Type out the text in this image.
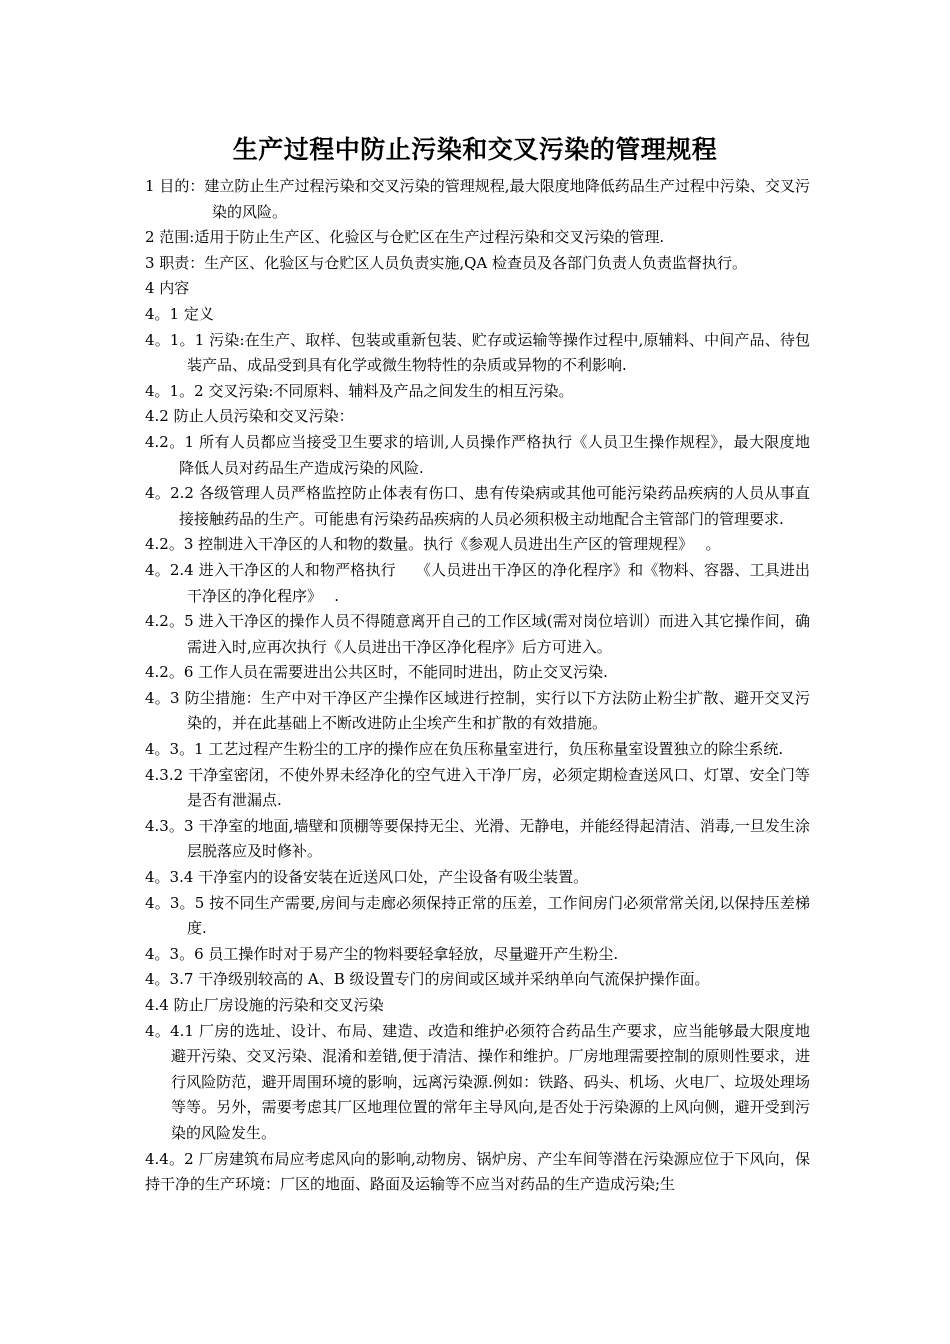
生产过程中防止污染和交叉污染的管理规程

1 目的：建立防止生产过程污染和交叉污染的管理规程,最大限度地降低药品生产过程中污染、交叉污染的风险。

2 范围:适用于防止生产区、化验区与仓贮区在生产过程污染和交叉污染的管理.

3 职责：生产区、化验区与仓贮区人员负责实施,QA 检查员及各部门负责人负责监督执行。

4 内容

4。1 定义

4。1。1 污染:在生产、取样、包装或重新包装、贮存或运输等操作过程中,原辅料、中间产品、待包装产品、成品受到具有化学或微生物特性的杂质或异物的不利影响.

4。1。2 交叉污染:不同原料、辅料及产品之间发生的相互污染。

4.2 防止人员污染和交叉污染：

4.2。1 所有人员都应当接受卫生要求的培训,人员操作严格执行《人员卫生操作规程》，最大限度地降低人员对药品生产造成污染的风险.

4。2.2 各级管理人员严格监控防止体表有伤口、患有传染病或其他可能污染药品疾病的人员从事直接接触药品的生产。可能患有污染药品疾病的人员必须积极主动地配合主管部门的管理要求.

4.2。3 控制进入干净区的人和物的数量。执行《参观人员进出生产区的管理规程》　 。

4。2.4 进入干净区的人和物严格执行　 《人员进出干净区的净化程序》和《物料、容器、工具进出干净区的净化程序》　 .

4.2。5 进入干净区的操作人员不得随意离开自己的工作区域(需对岗位培训）而进入其它操作间，确需进入时,应再次执行《人员进出干净区净化程序》后方可进入。

4.2。6 工作人员在需要进出公共区时，不能同时进出，防止交叉污染.

4。3 防尘措施：生产中对干净区产尘操作区域进行控制，实行以下方法防止粉尘扩散、避开交叉污染的，并在此基础上不断改进防止尘埃产生和扩散的有效措施。

4。3。1 工艺过程产生粉尘的工序的操作应在负压称量室进行，负压称量室设置独立的除尘系统.

4.3.2 干净室密闭，不使外界未经净化的空气进入干净厂房，必须定期检查送风口、灯罩、安全门等是否有泄漏点.

4.3。3 干净室的地面,墙壁和顶棚等要保持无尘、光滑、无静电，并能经得起清洁、消毒,一旦发生涂层脱落应及时修补。

4。3.4 干净室内的设备安装在近送风口处，产尘设备有吸尘装置。

4。3。5 按不同生产需要,房间与走廊必须保持正常的压差，工作间房门必须常常关闭,以保持压差梯度.

4。3。6 员工操作时对于易产尘的物料要轻拿轻放，尽量避开产生粉尘.

4。3.7 干净级别较高的 A、B 级设置专门的房间或区域并采纳单向气流保护操作面。

4.4 防止厂房设施的污染和交叉污染

4。4.1 厂房的选址、设计、布局、建造、改造和维护必须符合药品生产要求，应当能够最大限度地避开污染、交叉污染、混淆和差错,便于清洁、操作和维护。厂房地理需要控制的原则性要求，进行风险防范，避开周围环境的影响，远离污染源.例如：铁路、码头、机场、火电厂、垃圾处理场等等。另外，需要考虑其厂区地理位置的常年主导风向,是否处于污染源的上风向侧，避开受到污染的风险发生。

4.4。2 厂房建筑布局应考虑风向的影响,动物房、锅炉房、产尘车间等潜在污染源应位于下风向，保持干净的生产环境：厂区的地面、路面及运输等不应当对药品的生产造成污染;生
